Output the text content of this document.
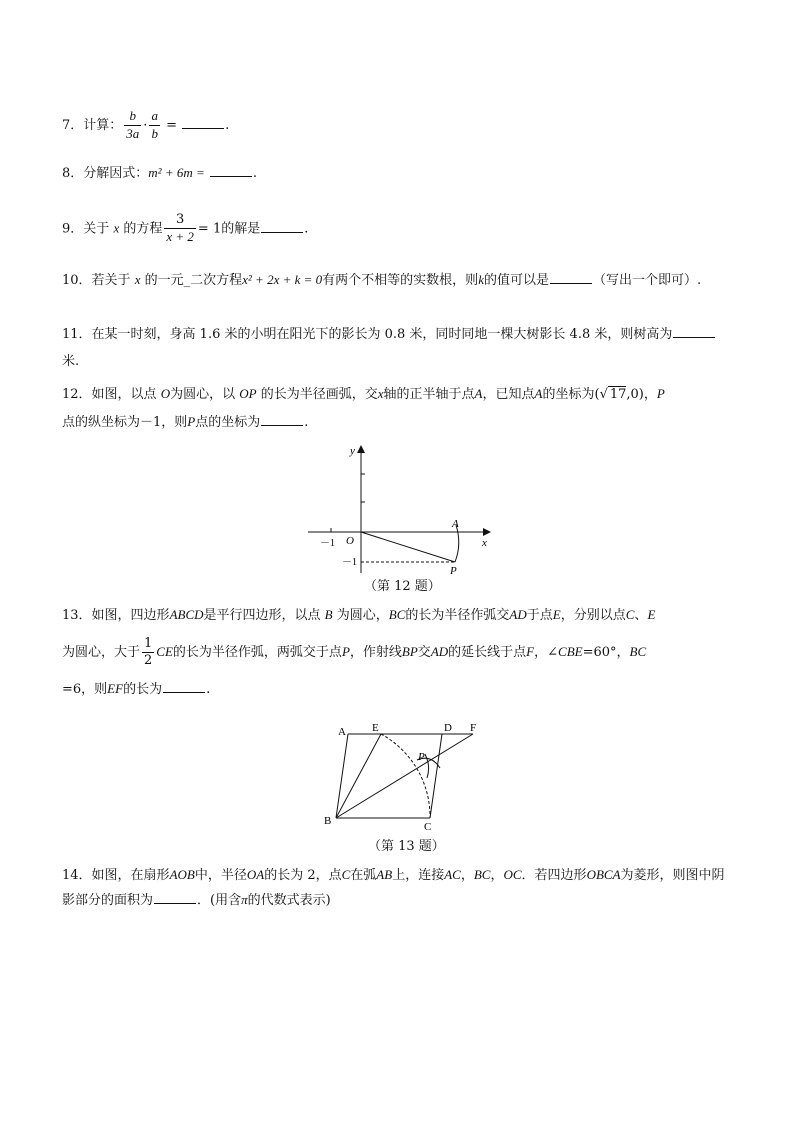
7．计算： $\frac{b}{3a} \cdot \frac{a}{b}$ =	.
8．分解因式：m² + 6m =	.
9．关于 x 的方程 $\frac{3}{x + 2} = 1$的解是	.
10．若关于 x 的一元_二次方程x² + 2x + k = 0有两个不相等的实数根，则k的值可以是	（写出一个即可）.
11．在某一时刻，身高 1.6 米的小明在阳光下的影长为 0.8 米，同时同地一棵大树影长 4.8 米，则树高为米.
12．如图，以点 O为圆心，以 OP 的长为半径画弧，交x轴的正半轴于点A，已知点A的坐标为(√ 17,0)，P
点的纵坐标为－1，则P点的坐标为	.
y
x
O
A
P
－1
－1
（第 12 题）
13．如图，四边形ABCD是平行四边形，以点 B 为圆心，BC的长为半径作弧交AD于点E，分别以点C、E
为圆心，大于 $\frac{1}{2}$ CE的长为半径作弧，两弧交于点P，作射线BP交AD的延长线于点F，∠CBE=60°，BC
=6，则EF的长为	.
A E	D F
P
B	C
（第 13 题）
14．如图，在扇形AOB中，半径OA的长为 2，点C在弧AB上，连接AC，BC，OC．若四边形OBCA为菱形，则图中阴影部分的面积为	．(用含π的代数式表示)
